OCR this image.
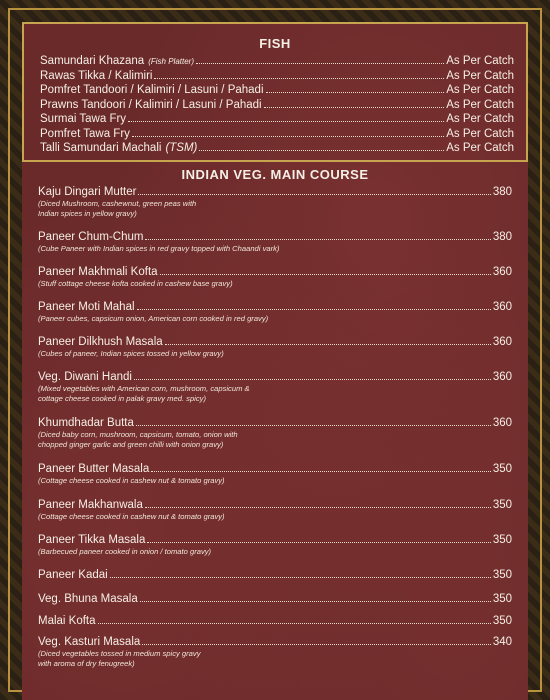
FISH
Samundari Khazana (Fish Platter)	As Per Catch
Rawas Tikka / Kalimiri	As Per Catch
Pomfret Tandoori / Kalimiri / Lasuni / Pahadi	As Per Catch
Prawns Tandoori / Kalimiri / Lasuni / Pahadi	As Per Catch
Surmai Tawa Fry	As Per Catch
Pomfret Tawa Fry	As Per Catch
Talli Samundari Machali (TSM)	As Per Catch
INDIAN VEG. MAIN COURSE
Kaju Dingari Mutter	380
(Diced Mushroom, cashewnut, green peas with
Indian spices in yellow gravy)
Paneer Chum-Chum	380
(Cube Paneer with Indian spices in red gravy topped with Chaandi vark)
Paneer Makhmali Kofta	360
(Stuff cottage cheese kofta cooked in cashew base gravy)
Paneer Moti Mahal	360
(Paneer cubes, capsicum onion, American corn cooked in red gravy)
Paneer Dilkhush Masala	360
(Cubes of paneer, Indian spices tossed in yellow gravy)
Veg. Diwani Handi	360
(Mixed vegetables with American corn, mushroom, capsicum &
cottage cheese cooked in palak gravy med. spicy)
Khumdhadar Butta	360
(Diced baby corn, mushroom, capsicum, tomato, onion with
chopped ginger garlic and green chilli with onion gravy)
Paneer Butter Masala	350
(Cottage cheese cooked in cashew nut & tomato gravy)
Paneer Makhanwala	350
(Cottage cheese cooked in cashew nut & tomato gravy)
Paneer Tikka Masala	350
(Barbecued paneer cooked in onion / tomato gravy)
Paneer Kadai	350
Veg. Bhuna Masala	350
Malai Kofta	350
Veg. Kasturi Masala	340
(Diced vegetables tossed in medium spicy gravy
with aroma of dry fenugreek)
